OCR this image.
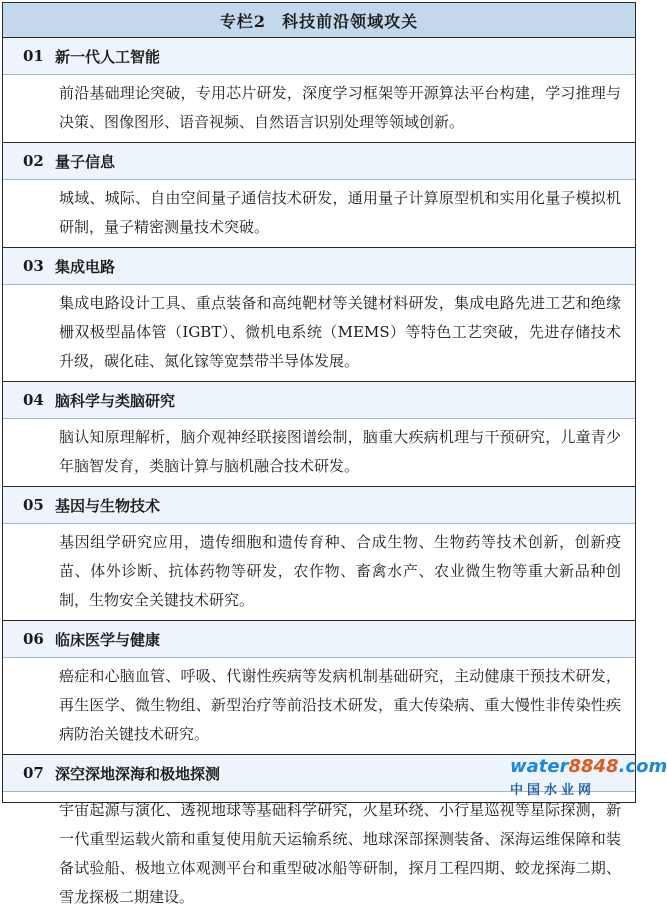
专栏2 科技前沿领域攻关
01 新一代人工智能
前沿基础理论突破，专用芯片研发，深度学习框架等开源算法平台构建，学习推理与决策、图像图形、语音视频、自然语言识别处理等领域创新。
02 量子信息
城域、城际、自由空间量子通信技术研发，通用量子计算原型机和实用化量子模拟机研制，量子精密测量技术突破。
03 集成电路
集成电路设计工具、重点装备和高纯靶材等关键材料研发，集成电路先进工艺和绝缘栅双极型晶体管（IGBT）、微机电系统（MEMS）等特色工艺突破，先进存储技术升级，碳化硅、氮化镓等宽禁带半导体发展。
04 脑科学与类脑研究
脑认知原理解析，脑介观神经联接图谱绘制，脑重大疾病机理与干预研究，儿童青少年脑智发育，类脑计算与脑机融合技术研发。
05 基因与生物技术
基因组学研究应用，遗传细胞和遗传育种、合成生物、生物药等技术创新，创新疫苗、体外诊断、抗体药物等研发，农作物、畜禽水产、农业微生物等重大新品种创制，生物安全关键技术研究。
06 临床医学与健康
癌症和心脑血管、呼吸、代谢性疾病等发病机制基础研究，主动健康干预技术研发，再生医学、微生物组、新型治疗等前沿技术研发，重大传染病、重大慢性非传染性疾病防治关键技术研究。
07 深空深地深海和极地探测
宇宙起源与演化、透视地球等基础科学研究，火星环绕、小行星巡视等星际探测，新一代重型运载火箭和重复使用航天运输系统、地球深部探测装备、深海运维保障和装备试验船、极地立体观测平台和重型破冰船等研制，探月工程四期、蛟龙探海二期、雪龙探极二期建设。
water8848.com
中国水业网
